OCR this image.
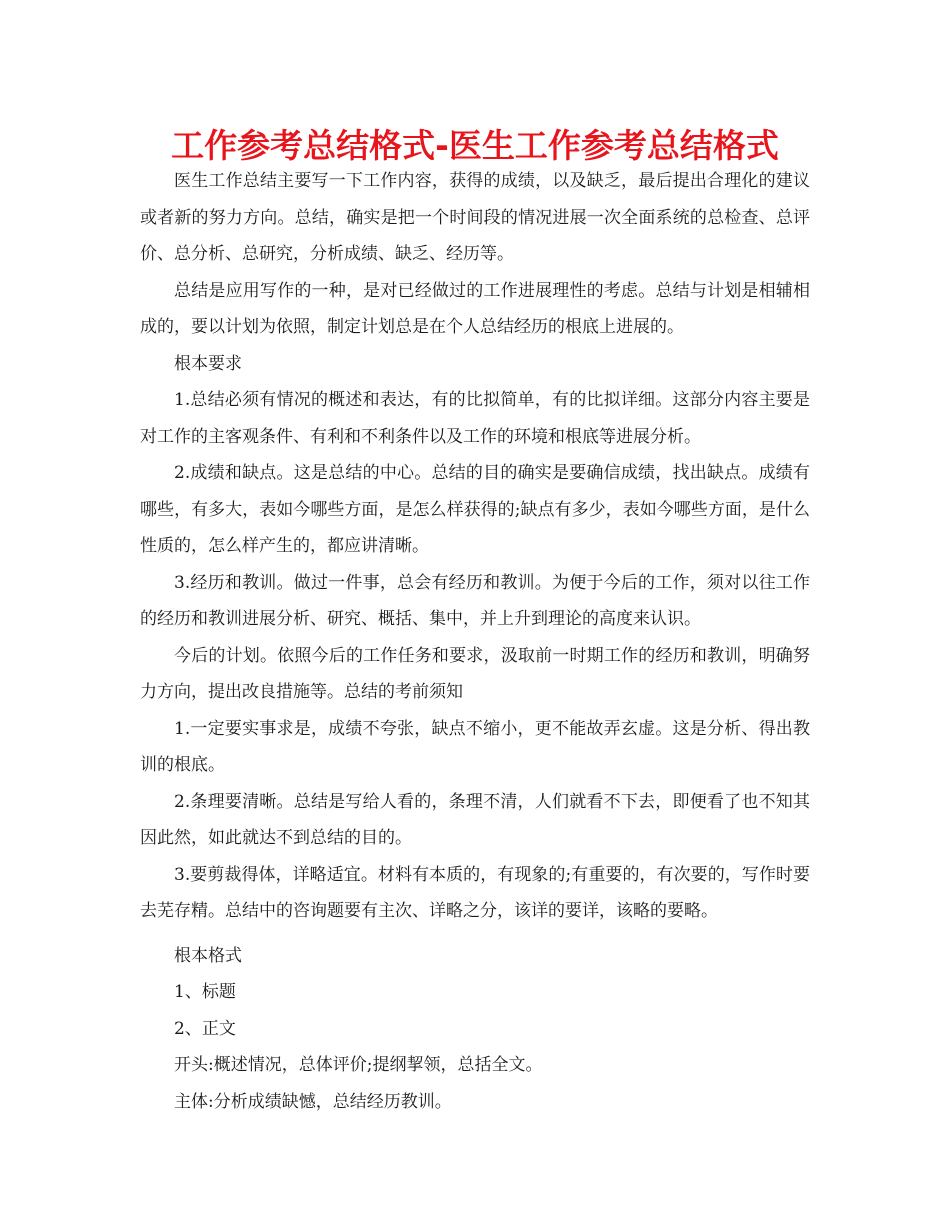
工作参考总结格式-医生工作参考总结格式

医生工作总结主要写一下工作内容，获得的成绩，以及缺乏，最后提出合理化的建议或者新的努力方向。总结，确实是把一个时间段的情况进展一次全面系统的总检查、总评价、总分析、总研究，分析成绩、缺乏、经历等。

总结是应用写作的一种，是对已经做过的工作进展理性的考虑。总结与计划是相辅相成的，要以计划为依照，制定计划总是在个人总结经历的根底上进展的。

根本要求

1.总结必须有情况的概述和表达，有的比拟简单，有的比拟详细。这部分内容主要是对工作的主客观条件、有利和不利条件以及工作的环境和根底等进展分析。

2.成绩和缺点。这是总结的中心。总结的目的确实是要确信成绩，找出缺点。成绩有哪些，有多大，表如今哪些方面，是怎么样获得的;缺点有多少，表如今哪些方面，是什么性质的，怎么样产生的，都应讲清晰。

3.经历和教训。做过一件事，总会有经历和教训。为便于今后的工作，须对以往工作的经历和教训进展分析、研究、概括、集中，并上升到理论的高度来认识。

今后的计划。依照今后的工作任务和要求，汲取前一时期工作的经历和教训，明确努力方向，提出改良措施等。总结的考前须知

1.一定要实事求是，成绩不夸张，缺点不缩小，更不能故弄玄虚。这是分析、得出教训的根底。

2.条理要清晰。总结是写给人看的，条理不清，人们就看不下去，即便看了也不知其因此然，如此就达不到总结的目的。

3.要剪裁得体，详略适宜。材料有本质的，有现象的;有重要的，有次要的，写作时要去芜存精。总结中的咨询题要有主次、详略之分，该详的要详，该略的要略。

根本格式

1、标题

2、正文

开头:概述情况，总体评价;提纲挈领，总括全文。

主体:分析成绩缺憾，总结经历教训。
